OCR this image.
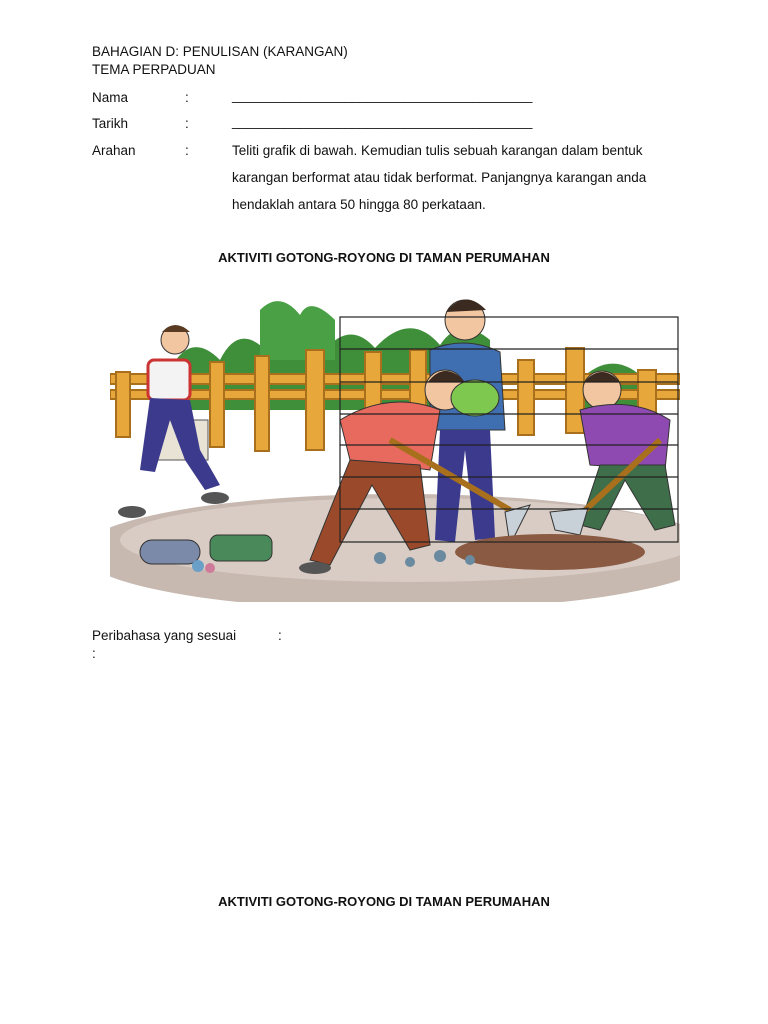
BAHAGIAN D: PENULISAN (KARANGAN)
TEMA PERPADUAN
Nama	:	________________________________________
Tarikh	:	________________________________________
Arahan	:	Teliti grafik di bawah. Kemudian tulis sebuah karangan dalam bentuk
karangan berformat atau tidak berformat. Panjangnya karangan anda
hendaklah antara 50 hingga 80 perkataan.
AKTIVITI GOTONG-ROYONG DI TAMAN PERUMAHAN
Peribahasa yang sesuai	:
:
AKTIVITI GOTONG-ROYONG DI TAMAN PERUMAHAN
